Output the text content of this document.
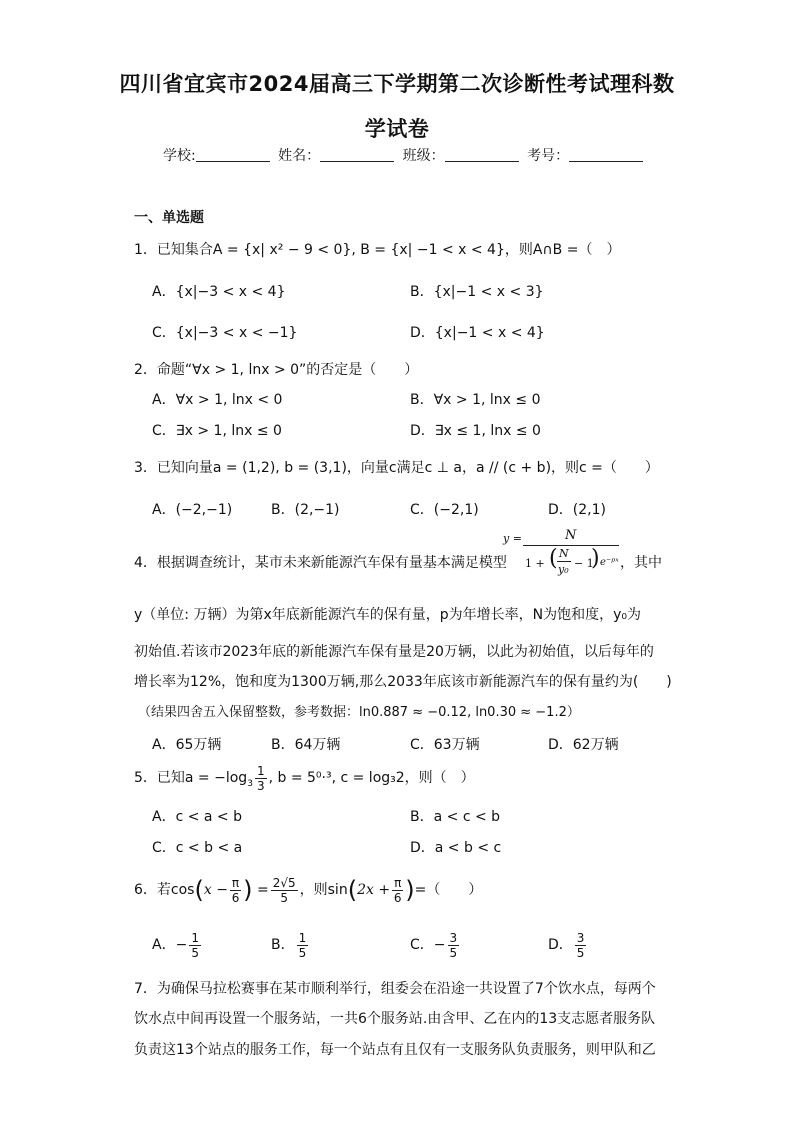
四川省宜宾市2024届高三下学期第二次诊断性考试理科数
学试卷
学校:	姓名：	班级：	考号：
一、单选题
1．已知集合A = {x| x² − 9 < 0}, B = {x| −1 < x < 4}，则A∩B =（　）
A．{x|−3 < x < 4}	B．{x|−1 < x < 3}
C．{x|−3 < x < −1}	D．{x|−1 < x < 4}
2．命题“∀x > 1, lnx > 0”的否定是（　　）
A．∀x > 1, lnx < 0	B．∀x > 1, lnx ≤ 0
C．∃x > 1, lnx ≤ 0	D．∃x ≤ 1, lnx ≤ 0
3．已知向量a = (1,2), b = (3,1)，向量c满足c ⊥ a，a // (c + b)，则c =（　　）
A．(−2,−1)	B．(2,−1)	C．(−2,1)	D．(2,1)
4．根据调查统计，某市未来新能源汽车保有量基本满足模型
y =	N
1 + ( N
y₀ − 1
) e⁻ᵖˣ ，其中
y（单位: 万辆）为第x年底新能源汽车的保有量，p为年增长率，N为饱和度，y₀为
初始值.若该市2023年底的新能源汽车保有量是20万辆，以此为初始值，以后每年的
增长率为12%，饱和度为1300万辆,那么2033年底该市新能源汽车的保有量约为(　　)
（结果四舍五入保留整数，参考数据：ln0.887 ≈ −0.12, ln0.30 ≈ −1.2）
A．65万辆	B．64万辆	C．63万辆	D．62万辆
5．已知$a = -\log_3 \frac{1}{3}$ , b = 5⁰·³, c = log₃2，则（　）
A．c < a < b	B．a < c < b
C．c < b < a	D．a < b < c
6．若$\cos(x - \frac{\pi}{6}$ ) = $\frac{2√5}{5}$ ，则$\sin(2x + \frac{\pi}{6}$ )=（　　）
A．− $\frac{1}{5}$	B． $\frac{1}{5}$	C．− $\frac{3}{5}$	D． $\frac{3}{5}$
7．为确保马拉松赛事在某市顺利举行，组委会在沿途一共设置了7个饮水点，每两个
饮水点中间再设置一个服务站，一共6个服务站.由含甲、乙在内的13支志愿者服务队
负责这13个站点的服务工作，每一个站点有且仅有一支服务队负责服务，则甲队和乙
